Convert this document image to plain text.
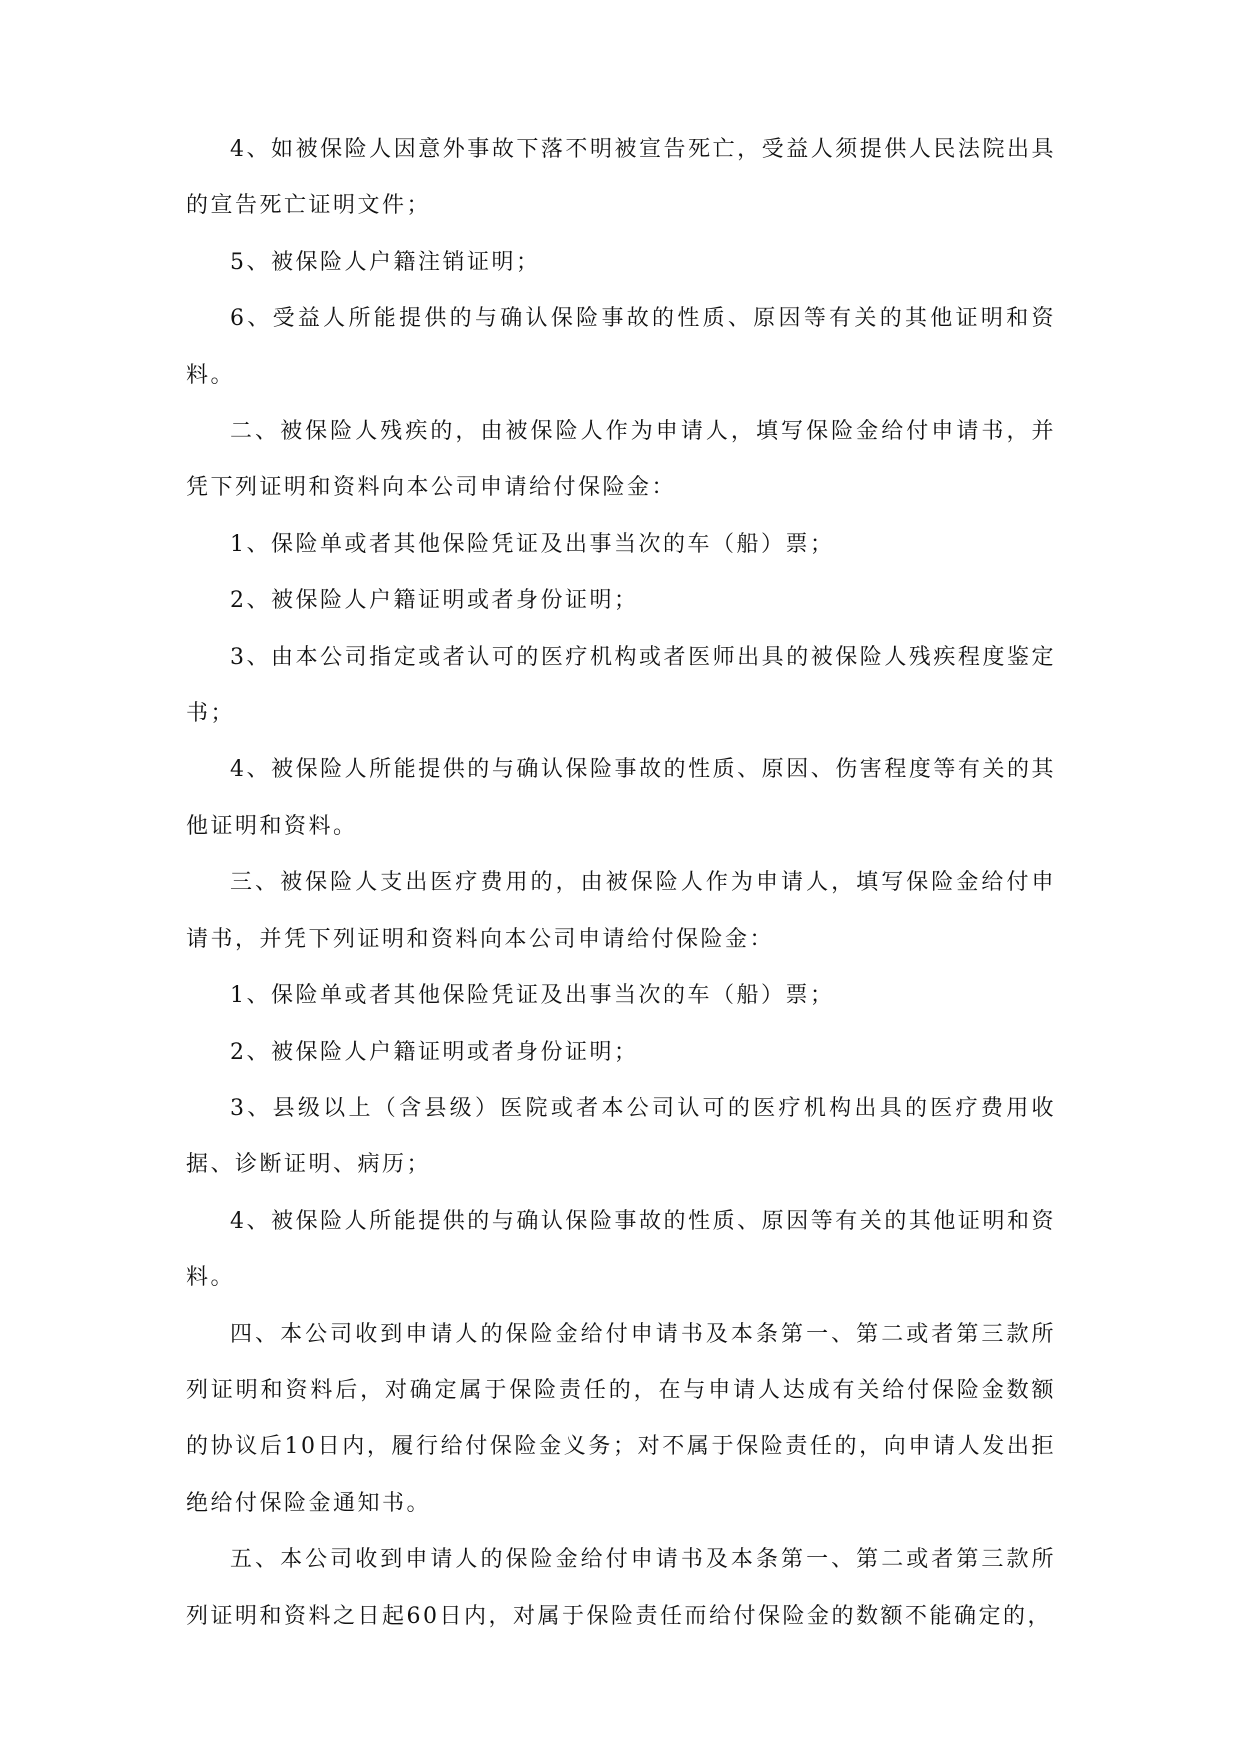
4、如被保险人因意外事故下落不明被宣告死亡，受益人须提供人民法院出具的宣告死亡证明文件；

5、被保险人户籍注销证明；

6、受益人所能提供的与确认保险事故的性质、原因等有关的其他证明和资料。

二、被保险人残疾的，由被保险人作为申请人，填写保险金给付申请书，并凭下列证明和资料向本公司申请给付保险金：

1、保险单或者其他保险凭证及出事当次的车（船）票；

2、被保险人户籍证明或者身份证明；

3、由本公司指定或者认可的医疗机构或者医师出具的被保险人残疾程度鉴定书；

4、被保险人所能提供的与确认保险事故的性质、原因、伤害程度等有关的其他证明和资料。

三、被保险人支出医疗费用的，由被保险人作为申请人，填写保险金给付申请书，并凭下列证明和资料向本公司申请给付保险金：

1、保险单或者其他保险凭证及出事当次的车（船）票；

2、被保险人户籍证明或者身份证明；

3、县级以上（含县级）医院或者本公司认可的医疗机构出具的医疗费用收据、诊断证明、病历；

4、被保险人所能提供的与确认保险事故的性质、原因等有关的其他证明和资料。

四、本公司收到申请人的保险金给付申请书及本条第一、第二或者第三款所列证明和资料后，对确定属于保险责任的，在与申请人达成有关给付保险金数额的协议后10日内，履行给付保险金义务；对不属于保险责任的，向申请人发出拒绝给付保险金通知书。

五、本公司收到申请人的保险金给付申请书及本条第一、第二或者第三款所列证明和资料之日起60日内，对属于保险责任而给付保险金的数额不能确定的，
